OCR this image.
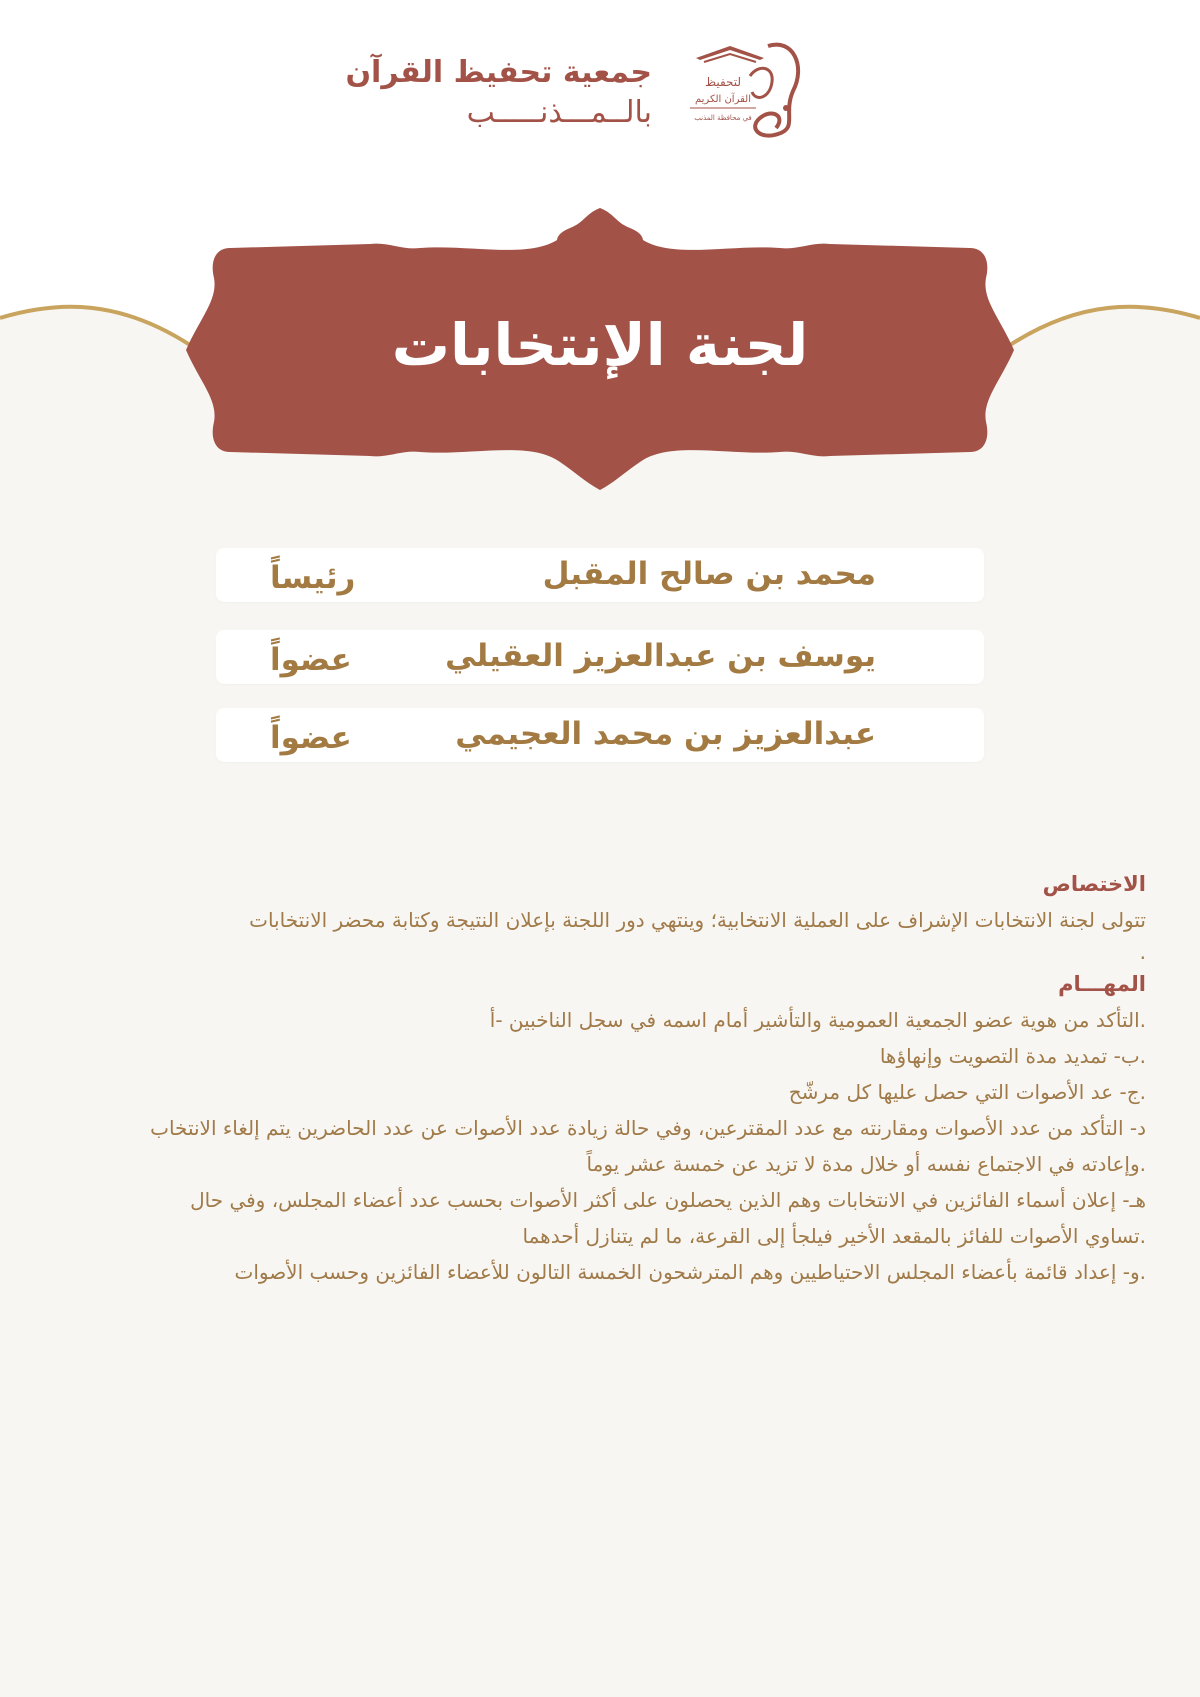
جمعية تحفيظ القرآن
بالــمـــذنـــــب
لتحفيظ
القرآن الكريم
في محافظة المذنب
لجنة الإنتخابات
محمد بن صالح المقبل
رئيساً
يوسف بن عبدالعزيز العقيلي
عضواً
عبدالعزيز بن محمد العجيمي
عضواً
الاختصاص
تتولى لجنة الانتخابات الإشراف على العملية الانتخابية؛ وينتهي دور اللجنة بإعلان النتيجة وكتابة محضر الانتخابات
.
المهـــام
.التأكد من هوية عضو الجمعية العمومية والتأشير أمام اسمه في سجل الناخبين -أ
.ب- تمديد مدة التصويت وإنهاؤها
.ج- عد الأصوات التي حصل عليها كل مرشّح
د- التأكد من عدد الأصوات ومقارنته مع عدد المقترعين، وفي حالة زيادة عدد الأصوات عن عدد الحاضرين يتم إلغاء الانتخاب
.وإعادته في الاجتماع نفسه أو خلال مدة لا تزيد عن خمسة عشر يوماً
هـ- إعلان أسماء الفائزين في الانتخابات وهم الذين يحصلون على أكثر الأصوات بحسب عدد أعضاء المجلس، وفي حال
.تساوي الأصوات للفائز بالمقعد الأخير فيلجأ إلى القرعة، ما لم يتنازل أحدهما
.و- إعداد قائمة بأعضاء المجلس الاحتياطيين وهم المترشحون الخمسة التالون للأعضاء الفائزين وحسب الأصوات
